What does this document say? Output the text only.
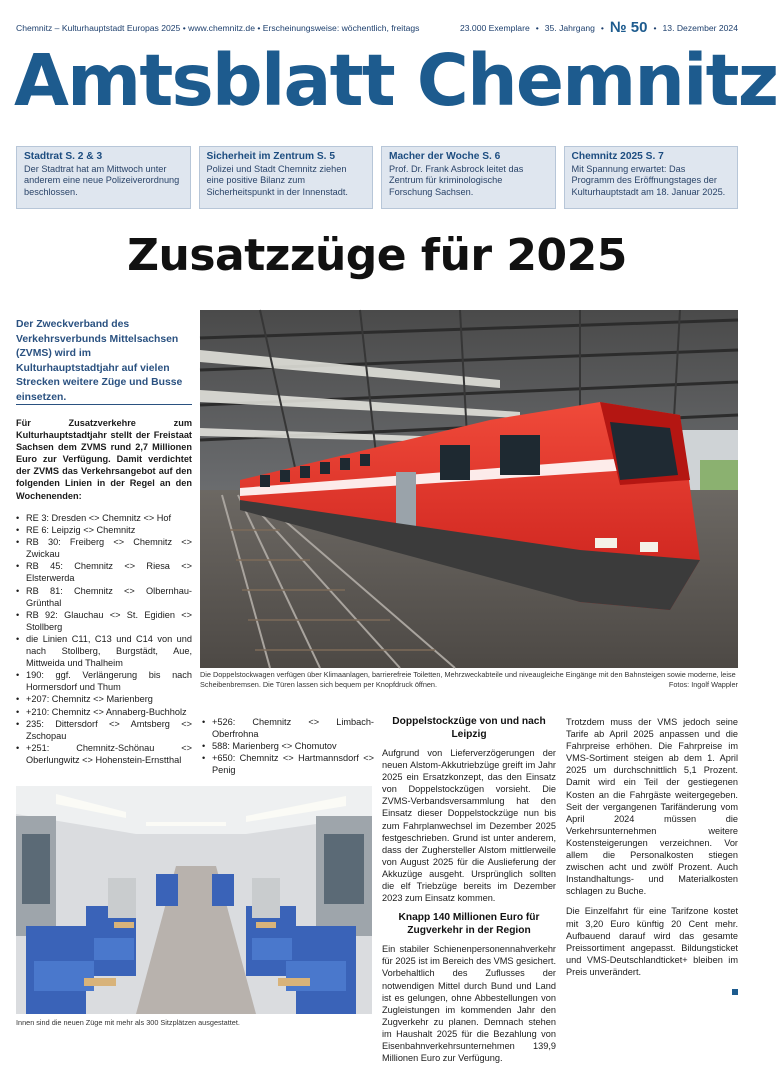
Chemnitz – Kulturhauptstadt Europas 2025 • www.chemnitz.de • Erscheinungsweise: wöchentlich, freitags	23.000 Exemplare • 35. Jahrgang • № 50 • 13. Dezember 2024
Amtsblatt Chemnitz
Stadtrat S. 2 & 3
Der Stadtrat hat am Mittwoch unter anderem eine neue Polizeiverordnung beschlossen.
Sicherheit im Zentrum S. 5
Polizei und Stadt Chemnitz ziehen eine positive Bilanz zum Sicherheitspunkt in der Innenstadt.
Macher der Woche S. 6
Prof. Dr. Frank Asbrock leitet das Zentrum für kriminologische Forschung Sachsen.
Chemnitz 2025 S. 7
Mit Spannung erwartet: Das Programm des Eröffnungstages der Kulturhauptstadt am 18. Januar 2025.
Zusatzzüge für 2025
Der Zweckverband des Verkehrsverbunds Mittelsachsen (ZVMS) wird im Kulturhauptstadtjahr auf vielen Strecken weitere Züge und Busse einsetzen.
Für Zusatzverkehre zum Kulturhauptstadtjahr stellt der Freistaat Sachsen dem ZVMS rund 2,7 Millionen Euro zur Verfügung. Damit verdichtet der ZVMS das Verkehrsangebot auf den folgenden Linien in der Regel an den Wochenenden:
• RE 3: Dresden <> Chemnitz <> Hof
• RE 6: Leipzig <> Chemnitz
• RB 30: Freiberg <> Chemnitz <> Zwickau
• RB 45: Chemnitz <> Riesa <> Elsterwerda
• RB 81: Chemnitz <> Olbernhau-Grünthal
• RB 92: Glauchau <> St. Egidien <> Stollberg
• die Linien C11, C13 und C14 von und nach Stollberg, Burgstädt, Aue, Mittweida und Thalheim
• 190: ggf. Verlängerung bis nach Hormersdorf und Thum
• +207: Chemnitz <> Marienberg
• +210: Chemnitz <> Annaberg-Buchholz
• 235: Dittersdorf <> Amtsberg <> Zschopau
• +251: Chemnitz-Schönau <> Oberlungwitz <> Hohenstein-Ernstthal
Die Doppelstockwagen verfügen über Klimaanlagen, barrierefreie Toiletten, Mehrzweckabteile und niveaugleiche Eingänge mit den Bahnsteigen sowie moderne, leise Scheibenbremsen. Die Türen lassen sich bequem per Knopfdruck öffnen.	Fotos: Ingolf Wappler
• +526: Chemnitz <> Limbach-Oberfrohna
• 588: Marienberg <> Chomutov
• +650: Chemnitz <> Hartmannsdorf <> Penig
Innen sind die neuen Züge mit mehr als 300 Sitzplätzen ausgestattet.
Doppelstockzüge von und nach Leipzig

Aufgrund von Lieferverzögerungen der neuen Alstom-Akkutriebzüge greift im Jahr 2025 ein Ersatzkonzept, das den Einsatz von Doppelstockzügen vorsieht. Die ZVMS-Verbandsversammlung hat den Einsatz dieser Doppelstockzüge nun bis zum Fahrplanwechsel im Dezember 2025 festgeschrieben. Grund ist unter anderem, dass der Zughersteller Alstom mittlerweile von August 2025 für die Auslieferung der Akkuzüge ausgeht. Ursprünglich sollten die elf Triebzüge bereits im Dezember 2023 zum Einsatz kommen.

Knapp 140 Millionen Euro für Zugverkehr in der Region

Ein stabiler Schienenpersonennahverkehr für 2025 ist im Bereich des VMS gesichert. Vorbehaltlich des Zuflusses der notwendigen Mittel durch Bund und Land ist es gelungen, ohne Abbestellungen von Zugleistungen im kommenden Jahr den Zugverkehr zu planen. Demnach stehen im Haushalt 2025 für die Bezahlung von Eisenbahnverkehrsunternehmen 139,9 Millionen Euro zur Verfügung.

Trotzdem muss der VMS jedoch seine Tarife ab April 2025 anpassen und die Fahrpreise erhöhen. Die Fahrpreise im VMS-Sortiment steigen ab dem 1. April 2025 um durchschnittlich 5,1 Prozent. Damit wird ein Teil der gestiegenen Kosten an die Fahrgäste weitergegeben. Seit der vergangenen Tarifänderung vom April 2024 müssen die Verkehrsunternehmen weitere Kostensteigerungen verzeichnen. Vor allem die Personalkosten stiegen zwischen acht und zwölf Prozent. Auch Instandhaltungs- und Materialkosten schlagen zu Buche.

Die Einzelfahrt für eine Tarifzone kostet mit 3,20 Euro künftig 20 Cent mehr. Aufbauend darauf wird das gesamte Preissortiment angepasst. Bildungsticket und VMS-Deutschlandticket+ bleiben im Preis unverändert.
